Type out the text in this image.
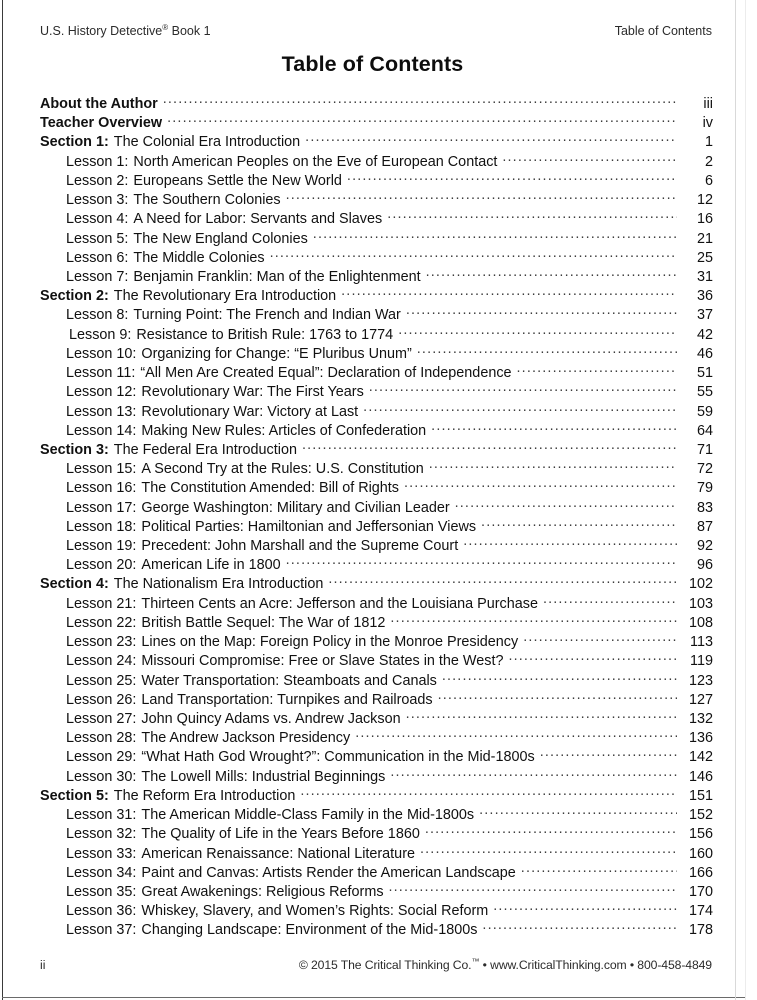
U.S. History Detective® Book 1	Table of Contents
Table of Contents
About the Author .....	iii
Teacher Overview .....	iv
Section 1: The Colonial Era Introduction .....	1
Lesson 1: North American Peoples on the Eve of European Contact .....	2
Lesson 2: Europeans Settle the New World .....	6
Lesson 3: The Southern Colonies .....	12
Lesson 4: A Need for Labor: Servants and Slaves .....	16
Lesson 5: The New England Colonies .....	21
Lesson 6: The Middle Colonies .....	25
Lesson 7: Benjamin Franklin: Man of the Enlightenment .....	31
Section 2: The Revolutionary Era Introduction .....	36
Lesson 8: Turning Point: The French and Indian War .....	37
Lesson 9: Resistance to British Rule: 1763 to 1774 .....	42
Lesson 10: Organizing for Change: “E Pluribus Unum” .....	46
Lesson 11: “All Men Are Created Equal”: Declaration of Independence .....	51
Lesson 12: Revolutionary War: The First Years .....	55
Lesson 13: Revolutionary War: Victory at Last .....	59
Lesson 14: Making New Rules: Articles of Confederation .....	64
Section 3: The Federal Era Introduction .....	71
Lesson 15: A Second Try at the Rules: U.S. Constitution .....	72
Lesson 16: The Constitution Amended: Bill of Rights .....	79
Lesson 17: George Washington: Military and Civilian Leader .....	83
Lesson 18: Political Parties: Hamiltonian and Jeffersonian Views .....	87
Lesson 19: Precedent: John Marshall and the Supreme Court .....	92
Lesson 20: American Life in 1800 .....	96
Section 4: The Nationalism Era Introduction .....	102
Lesson 21: Thirteen Cents an Acre: Jefferson and the Louisiana Purchase .....	103
Lesson 22: British Battle Sequel: The War of 1812 .....	108
Lesson 23: Lines on the Map: Foreign Policy in the Monroe Presidency .....	113
Lesson 24: Missouri Compromise: Free or Slave States in the West? .....	119
Lesson 25: Water Transportation: Steamboats and Canals .....	123
Lesson 26: Land Transportation: Turnpikes and Railroads .....	127
Lesson 27: John Quincy Adams vs. Andrew Jackson .....	132
Lesson 28: The Andrew Jackson Presidency .....	136
Lesson 29: “What Hath God Wrought?”: Communication in the Mid-1800s .....	142
Lesson 30: The Lowell Mills: Industrial Beginnings .....	146
Section 5: The Reform Era Introduction .....	151
Lesson 31: The American Middle-Class Family in the Mid-1800s .....	152
Lesson 32: The Quality of Life in the Years Before 1860 .....	156
Lesson 33: American Renaissance: National Literature .....	160
Lesson 34: Paint and Canvas: Artists Render the American Landscape .....	166
Lesson 35: Great Awakenings: Religious Reforms .....	170
Lesson 36: Whiskey, Slavery, and Women’s Rights: Social Reform .....	174
Lesson 37: Changing Landscape: Environment of the Mid-1800s .....	178
ii	© 2015 The Critical Thinking Co.™ • www.CriticalThinking.com • 800-458-4849
